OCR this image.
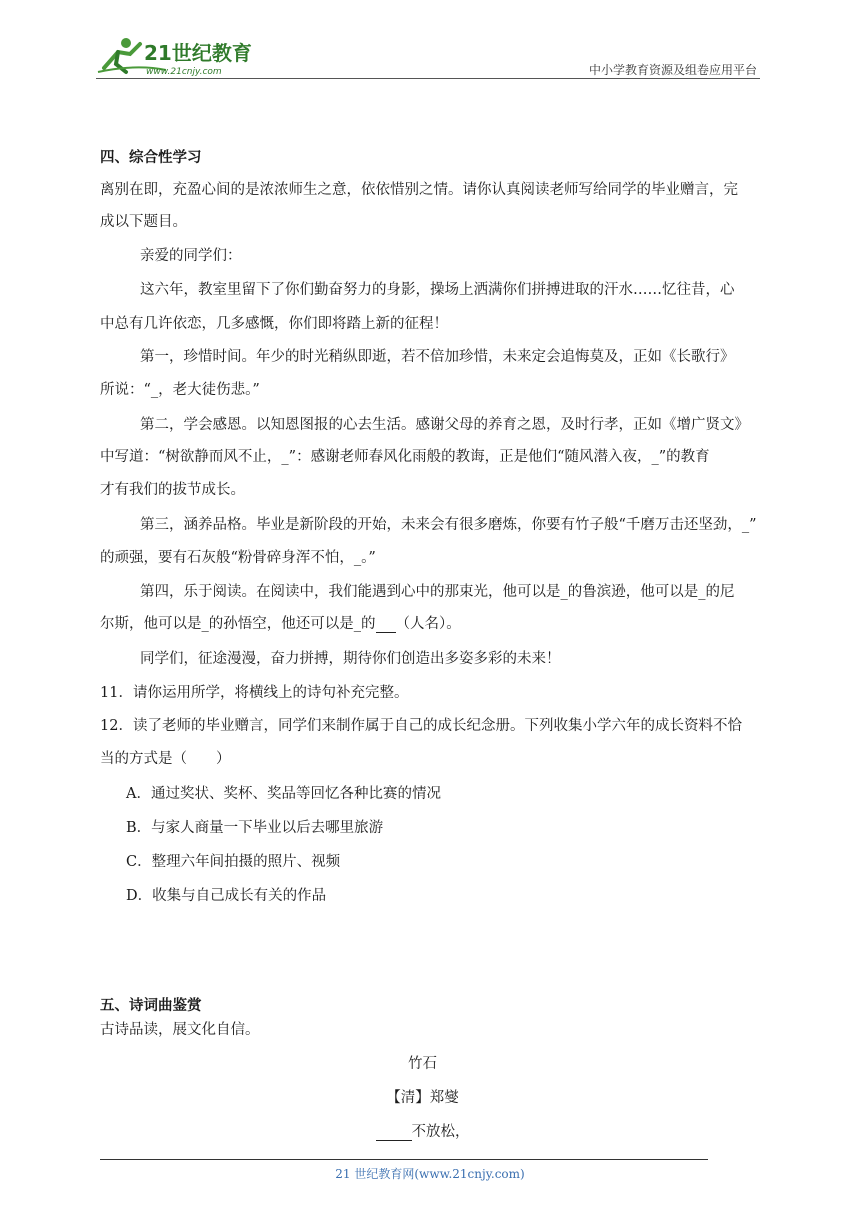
21世纪教育
www.21cnjy.com	中小学教育资源及组卷应用平台
四、综合性学习
离别在即，充盈心间的是浓浓师生之意，依依惜别之情。请你认真阅读老师写给同学的毕业赠言，完
成以下题目。
亲爱的同学们：
这六年，教室里留下了你们勤奋努力的身影，操场上洒满你们拼搏进取的汗水……忆往昔，心
中总有几许依恋，几多感慨，你们即将踏上新的征程！
第一，珍惜时间。年少的时光稍纵即逝，若不倍加珍惜，未来定会追悔莫及，正如《长歌行》
所说：“_，老大徒伤悲。”
第二，学会感恩。以知恩图报的心去生活。感谢父母的养育之恩，及时行孝，正如《增广贤文》
中写道：“树欲静而风不止，_”：感谢老师春风化雨般的教诲，正是他们“随风潜入夜，_”的教育
才有我们的拔节成长。
第三，涵养品格。毕业是新阶段的开始，未来会有很多磨炼，你要有竹子般“千磨万击还坚劲，_”
的顽强，要有石灰般“粉骨碎身浑不怕，_。”
第四，乐于阅读。在阅读中，我们能遇到心中的那束光，他可以是_的鲁滨逊，他可以是_的尼
尔斯，他可以是_的孙悟空，他还可以是_的 （人名）。
同学们，征途漫漫，奋力拼搏，期待你们创造出多姿多彩的未来！
11．请你运用所学，将横线上的诗句补充完整。
12．读了老师的毕业赠言，同学们来制作属于自己的成长纪念册。下列收集小学六年的成长资料不恰
当的方式是（　　）
A．通过奖状、奖杯、奖品等回忆各种比赛的情况
B．与家人商量一下毕业以后去哪里旅游
C．整理六年间拍摄的照片、视频
D．收集与自己成长有关的作品
五、诗词曲鉴赏
古诗品读，展文化自信。
竹石
【清】郑燮
不放松，
21 世纪教育网(www.21cnjy.com)
